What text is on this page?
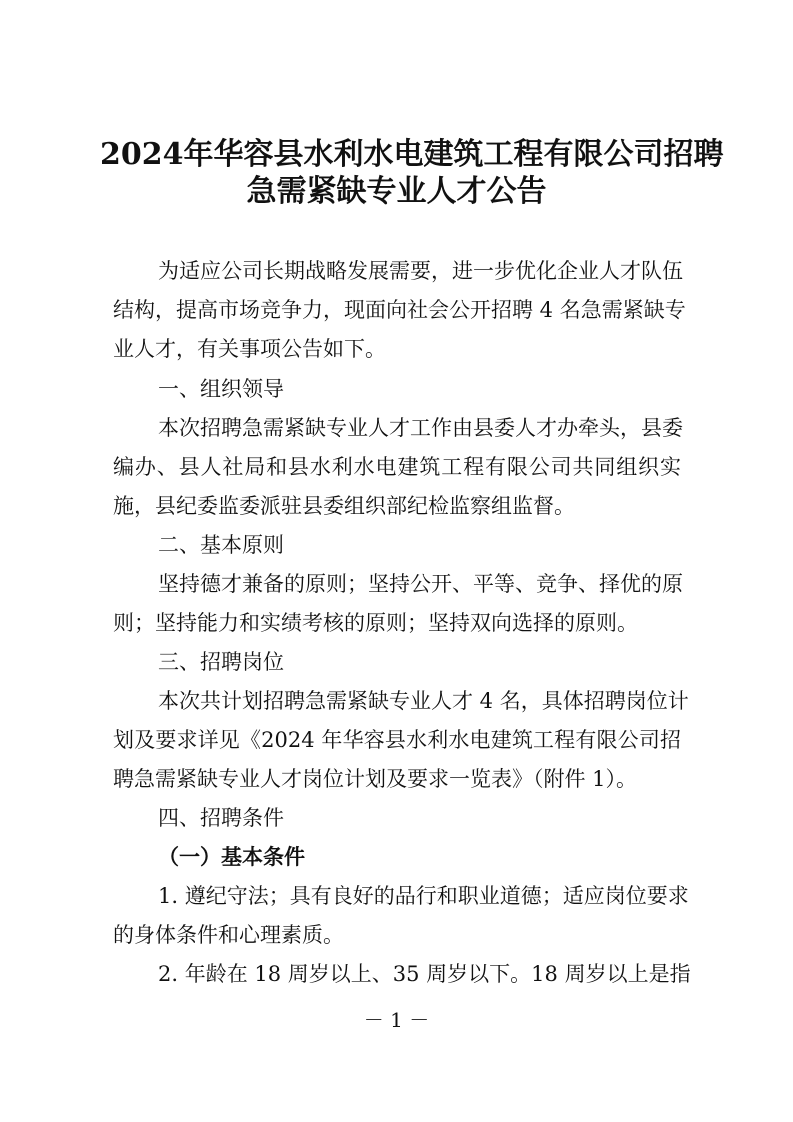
2024年华容县水利水电建筑工程有限公司招聘
急需紧缺专业人才公告

为适应公司长期战略发展需要，进一步优化企业人才队伍

结构，提高市场竞争力，现面向社会公开招聘 4 名急需紧缺专

业人才，有关事项公告如下。

一、组织领导

本次招聘急需紧缺专业人才工作由县委人才办牵头，县委

编办、县人社局和县水利水电建筑工程有限公司共同组织实

施，县纪委监委派驻县委组织部纪检监察组监督。

二、基本原则

坚持德才兼备的原则；坚持公开、平等、竞争、择优的原

则；坚持能力和实绩考核的原则；坚持双向选择的原则。

三、招聘岗位

本次共计划招聘急需紧缺专业人才 4 名，具体招聘岗位计

划及要求详见《2024 年华容县水利水电建筑工程有限公司招

聘急需紧缺专业人才岗位计划及要求一览表》（附件 1）。

四、招聘条件

（一）基本条件

1. 遵纪守法；具有良好的品行和职业道德；适应岗位要求

的身体条件和心理素质。

2. 年龄在 18 周岁以上、35 周岁以下。18 周岁以上是指

－ 1 －
